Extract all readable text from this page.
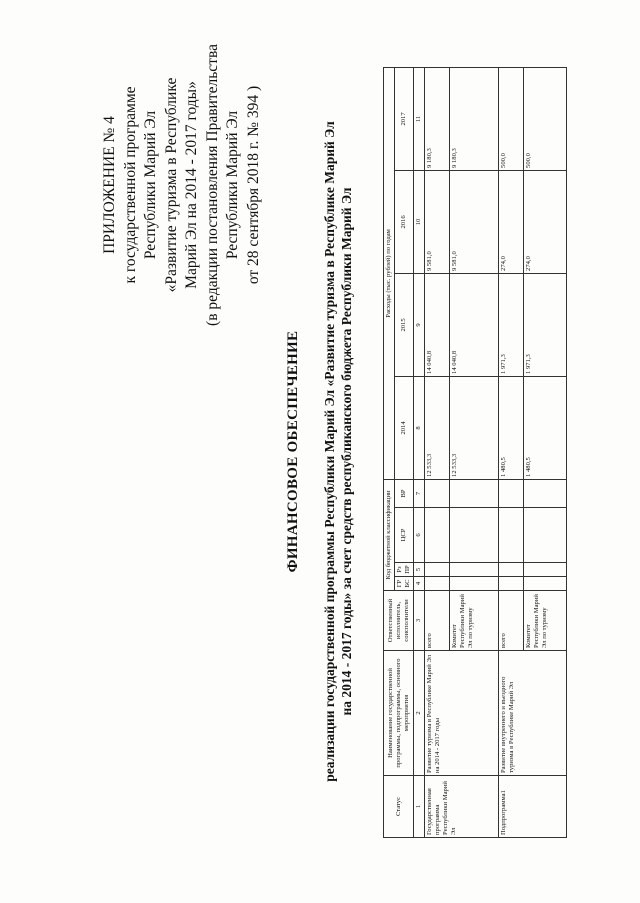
ПРИЛОЖЕНИЕ № 4 к государственной программе Республики Марий Эл «Развитие туризма в Республике Марий Эл на 2014 - 2017 годы» (в редакции постановления Правительства Республики Марий Эл от 28 сентября 2018 г. № 394 )
ФИНАНСОВОЕ ОБЕСПЕЧЕНИЕ реализации государственной программы Республики Марий Эл «Развитие туризма в Республике Марий Эл на 2014 - 2017 годы» за счет средств республиканского бюджета Республики Марий Эл

Статус	Наименование государственной программы, подпрограммы, основного мероприятия	Ответственный исполнитель, соисполнители	Код бюджетной классификации				Расходы (тыс. рублей) по годам			
			ГР БС	Рз ПР	ЦСР	ВР	2014	2015	2016	2017

1	2	3	4	5	6	7	8	9	10	11
Государственная программа Республики Марий Эл	Развитие туризма в Республике Марий Эл на 2014 - 2017 годы	всего					12 533,3	14 040,8	9 581,0	9 180,3
		Комитет Республики Марий Эл по туризму					12 533,3	14 040,8	9 581,0	9 180,3
Подпрограмма1	Развитие внутреннего и въездного туризма в Республике Марий Эл	всего					1 480,5	1 971,3	274,0	500,0
		Комитет Республики Марий Эл по туризму					1 480,5	1 971,3	274,0	500,0
